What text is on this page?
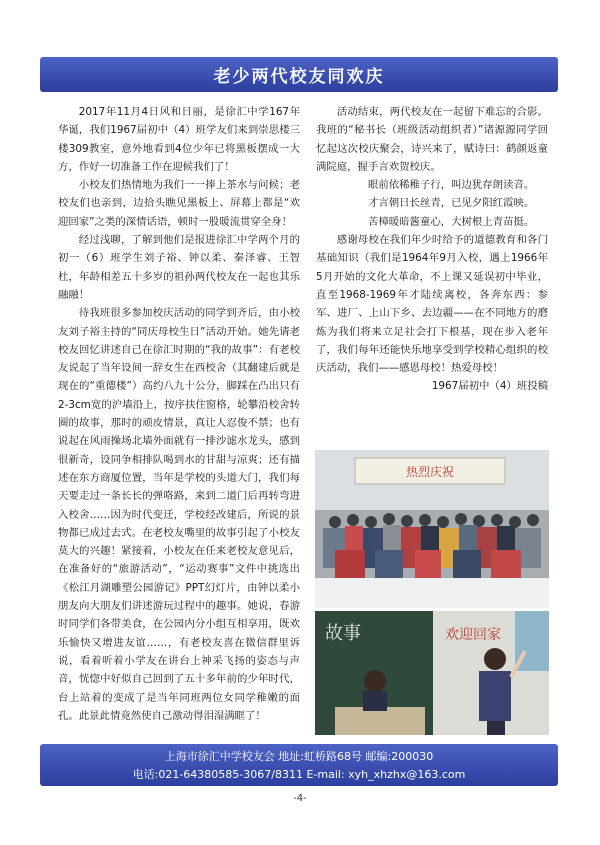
老少两代校友同欢庆

2017年11月4日风和日丽，是徐汇中学167年华诞，我们1967届初中（4）班学友们来到崇思楼三楼309教室，意外地看到4位少年已将黑板摆成一大方，作好一切准备工作在迎候我们了！

小校友们热情地为我们一一捧上茶水与问候；老校友们也亲到，边拾头瞧见黑板上、屏幕上都是“欢迎回家”之类的深情话语，顿时一股暖流贯穿全身！

经过浅聊，了解到他们是报进徐汇中学两个月的初一（6）班学生刘子裕、钟以柔、秦泽睿、王智杜，年龄相差五十多岁的祖孙两代校友在一起也其乐融融！

待我班很多参加校庆活动的同学到齐后，由小校友刘子裕主持的“同庆母校生日”活动开始。她先请老校友回忆讲述自己在徐汇时期的“我的故事”：有老校友说起了当年设间一辞女生在西校舍（其翻建后就是现在的“重德楼”）高约八九十公分，脚踩在凸出只有2-3cm宽的沪墙沿上，按序扶住窗格，轮攀沿校舍转圈的故事，那时的顽皮情景，真让人忍俊不禁；也有说起在风雨操场北墙外面就有一排沙滤水龙头，感到很新奇，设同争相排队喝到水的甘甜与凉爽；还有描述在东方商厦位置，当年是学校的头道大门，我们每天要走过一条长长的弹咯路，来到二道门后再转弯进入校舍……因为时代变迁，学校经改建后，所说的景物都已成过去式。在老校友嘴里的故事引起了小校友莫大的兴趣！紧接着，小校友在任来老校友意见后，在准备好的“旅游活动”，“运动赛事”文件中挑选出《松江月湖雕塑公园游记》PPT幻灯片，由钟以柔小朋友向大朋友们讲述游玩过程中的趣事。她说，春游时同学们各带美食，在公园内分小组互相享用，既欢乐愉快又增进友谊……，有老校友喜在微信群里诉说，看着听着小学友在讲台上神采飞扬的姿态与声音，恍惚中好似自己回到了五十多年前的少年时代，台上站着的变成了是当年同班两位女同学稚嫩的面孔。此景此情竟然使自己激动得泪湿满眶了！

活动结束，两代校友在一起留下难忘的合影。我班的“秘书长（班级活动组织者）”诸源源同学回忆起这次校庆聚会，诗兴来了，赋诗曰：鹤颜返童满院庭，握手言欢贺校庆。

眼前依稀稚子行，叫边犹存朗读音。

才言朝日长丝青，已见夕阳红霞映。

苦樟暖暗酱童心，大树根上青苗挺。

感谢母校在我们年少时给予的道德教育和各门基础知识（我们是1964年9月入校，遇上1966年5月开始的文化大革命，不上课又延误初中毕业，直至1968-1969年才陆续离校，各奔东西：参军、进厂、上山下乡、去边疆——在不同地方的磨炼为我们将来立足社会打下根基，现在步入老年了，我们每年还能快乐地享受到学校精心组织的校庆活动，我们——感恩母校！热爱母校！

1967届初中（4）班投稿

热烈庆祝
故事	欢迎回家
上海市徐汇中学校友会 地址:虹桥路68号 邮编:200030
电话:021-64380585-3067/8311 E-mail: xyh_xhzhx@163.com
-4-
